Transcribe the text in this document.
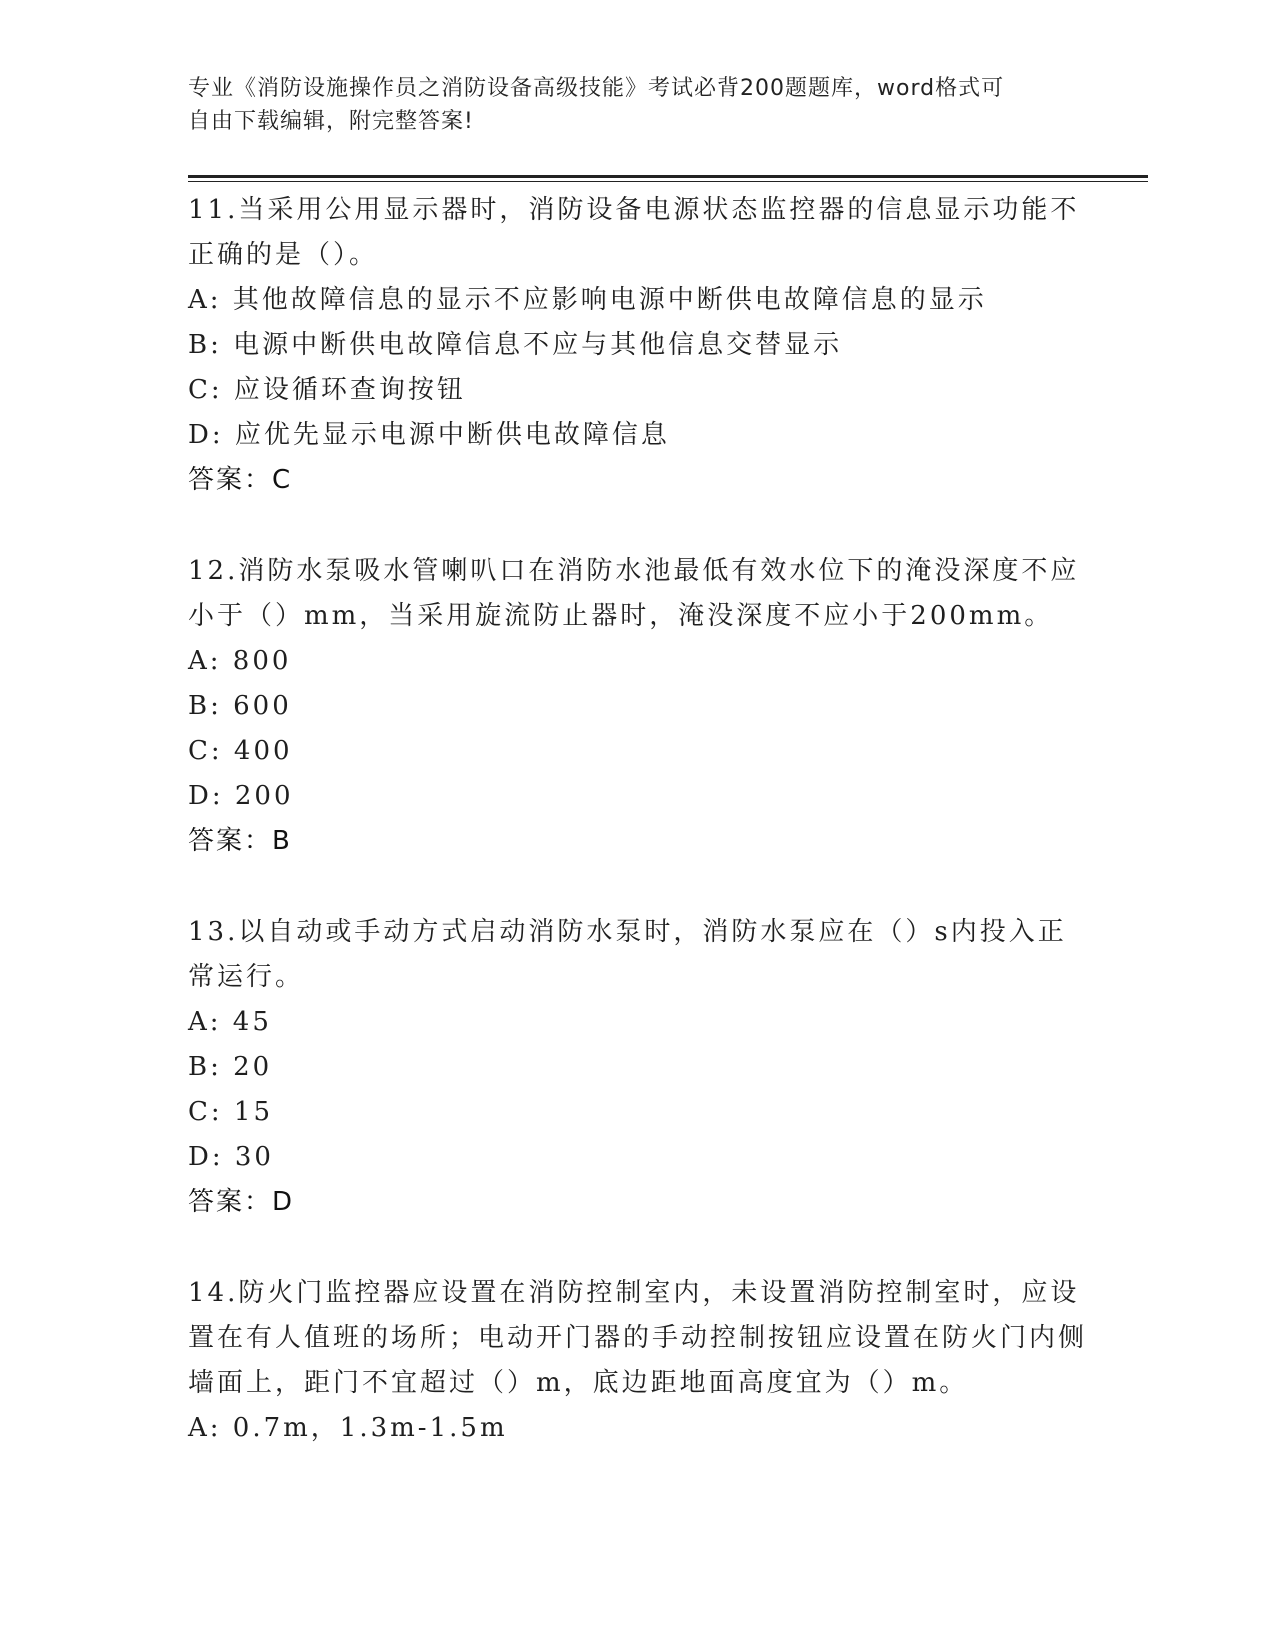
专业《消防设施操作员之消防设备高级技能》考试必背200题题库，word格式可
自由下载编辑，附完整答案!

11.当采用公用显示器时，消防设备电源状态监控器的信息显示功能不正确的是（）。

A: 其他故障信息的显示不应影响电源中断供电故障信息的显示

B: 电源中断供电故障信息不应与其他信息交替显示

C: 应设循环查询按钮

D: 应优先显示电源中断供电故障信息

答案：C

12.消防水泵吸水管喇叭口在消防水池最低有效水位下的淹没深度不应小于（）mm，当采用旋流防止器时，淹没深度不应小于200mm。

A: 800

B: 600

C: 400

D: 200

答案：B

13.以自动或手动方式启动消防水泵时，消防水泵应在（）s内投入正常运行。

A: 45

B: 20

C: 15

D: 30

答案：D

14.防火门监控器应设置在消防控制室内，未设置消防控制室时，应设置在有人值班的场所；电动开门器的手动控制按钮应设置在防火门内侧墙面上，距门不宜超过（）m，底边距地面高度宜为（）m。

A: 0.7m，1.3m-1.5m
